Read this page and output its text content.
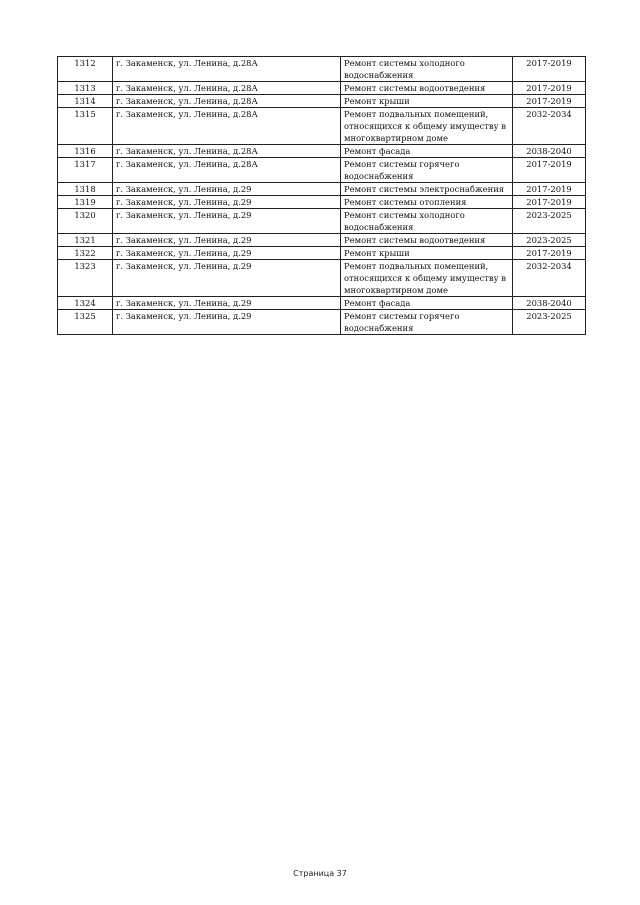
1312	г. Закаменск, ул. Ленина, д.28А	Ремонт системы холодного водоснабжения	2017-2019
1313	г. Закаменск, ул. Ленина, д.28А	Ремонт системы водоотведения	2017-2019
1314	г. Закаменск, ул. Ленина, д.28А	Ремонт крыши	2017-2019
1315	г. Закаменск, ул. Ленина, д.28А	Ремонт подвальных помещений, относящихся к общему имуществу в многоквартирном доме	2032-2034
1316	г. Закаменск, ул. Ленина, д.28А	Ремонт фасада	2038-2040
1317	г. Закаменск, ул. Ленина, д.28А	Ремонт системы горячего водоснабжения	2017-2019
1318	г. Закаменск, ул. Ленина, д.29	Ремонт системы электроснабжения	2017-2019
1319	г. Закаменск, ул. Ленина, д.29	Ремонт системы отопления	2017-2019
1320	г. Закаменск, ул. Ленина, д.29	Ремонт системы холодного водоснабжения	2023-2025
1321	г. Закаменск, ул. Ленина, д.29	Ремонт системы водоотведения	2023-2025
1322	г. Закаменск, ул. Ленина, д.29	Ремонт крыши	2017-2019
1323	г. Закаменск, ул. Ленина, д.29	Ремонт подвальных помещений, относящихся к общему имуществу в многоквартирном доме	2032-2034
1324	г. Закаменск, ул. Ленина, д.29	Ремонт фасада	2038-2040
1325	г. Закаменск, ул. Ленина, д.29	Ремонт системы горячего водоснабжения	2023-2025
Страница 37
